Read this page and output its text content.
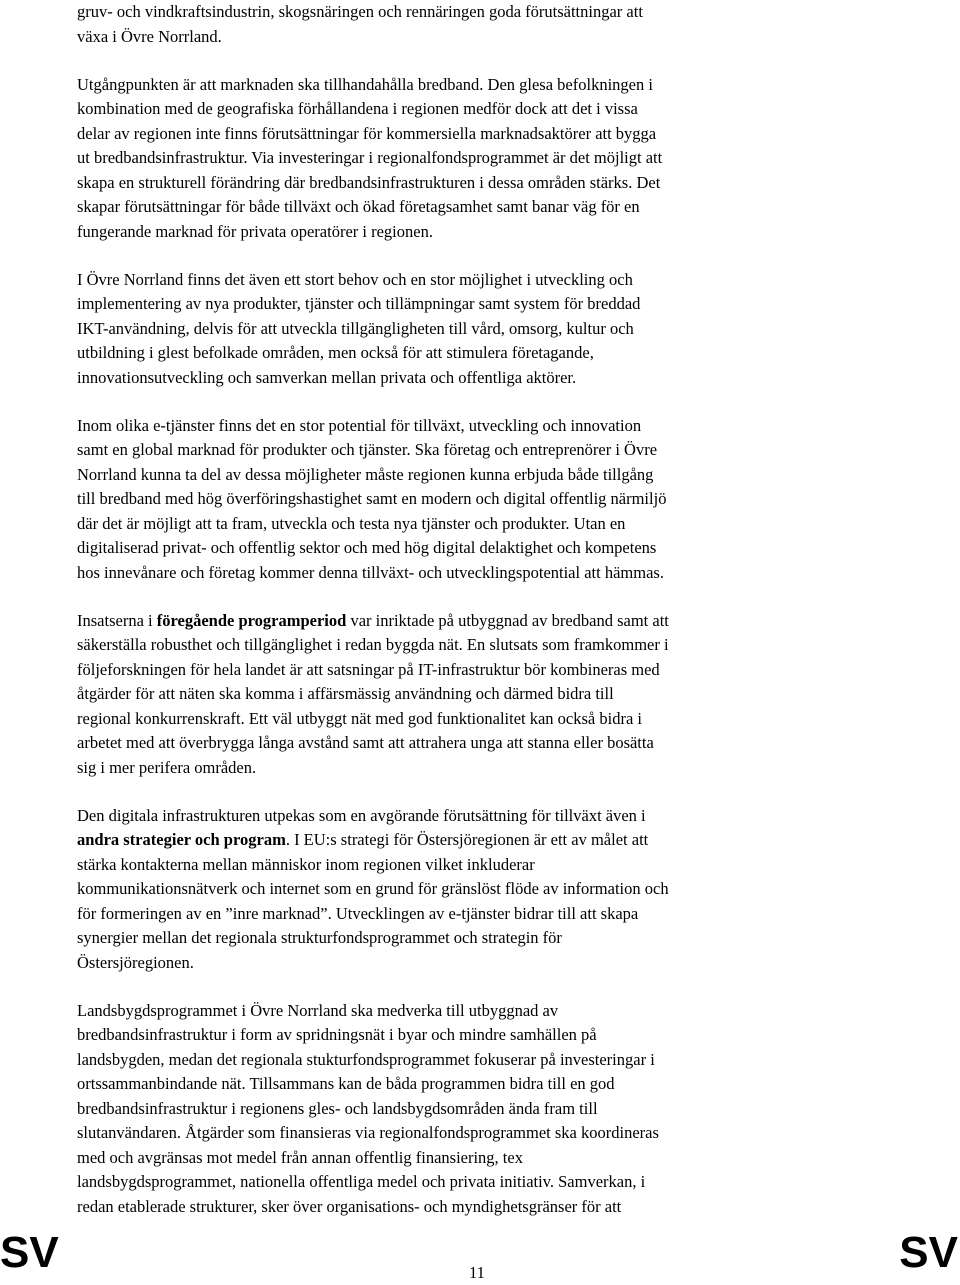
gruv- och vindkraftsindustrin, skogsnäringen och rennäringen goda förutsättningar att
växa i Övre Norrland.

Utgångpunkten är att marknaden ska tillhandahålla bredband. Den glesa befolkningen i
kombination med de geografiska förhållandena i regionen medför dock att det i vissa
delar av regionen inte finns förutsättningar för kommersiella marknadsaktörer att bygga
ut bredbandsinfrastruktur. Via investeringar i regionalfondsprogrammet är det möjligt att
skapa en strukturell förändring där bredbandsinfrastrukturen i dessa områden stärks. Det
skapar förutsättningar för både tillväxt och ökad företagsamhet samt banar väg för en
fungerande marknad för privata operatörer i regionen.

I Övre Norrland finns det även ett stort behov och en stor möjlighet i utveckling och
implementering av nya produkter, tjänster och tillämpningar samt system för breddad
IKT-användning, delvis för att utveckla tillgängligheten till vård, omsorg, kultur och
utbildning i glest befolkade områden, men också för att stimulera företagande,
innovationsutveckling och samverkan mellan privata och offentliga aktörer.

Inom olika e-tjänster finns det en stor potential för tillväxt, utveckling och innovation
samt en global marknad för produkter och tjänster. Ska företag och entreprenörer i Övre
Norrland kunna ta del av dessa möjligheter måste regionen kunna erbjuda både tillgång
till bredband med hög överföringshastighet samt en modern och digital offentlig närmiljö
där det är möjligt att ta fram, utveckla och testa nya tjänster och produkter. Utan en
digitaliserad privat- och offentlig sektor och med hög digital delaktighet och kompetens
hos innevånare och företag kommer denna tillväxt- och utvecklingspotential att hämmas.

Insatserna i föregående programperiod var inriktade på utbyggnad av bredband samt att
säkerställa robusthet och tillgänglighet i redan byggda nät. En slutsats som framkommer i
följeforskningen för hela landet är att satsningar på IT-infrastruktur bör kombineras med
åtgärder för att näten ska komma i affärsmässig användning och därmed bidra till
regional konkurrenskraft. Ett väl utbyggt nät med god funktionalitet kan också bidra i
arbetet med att överbrygga långa avstånd samt att attrahera unga att stanna eller bosätta
sig i mer perifera områden.

Den digitala infrastrukturen utpekas som en avgörande förutsättning för tillväxt även i
andra strategier och program. I EU:s strategi för Östersjöregionen är ett av målet att
stärka kontakterna mellan människor inom regionen vilket inkluderar
kommunikationsnätverk och internet som en grund för gränslöst flöde av information och
för formeringen av en ”inre marknad”. Utvecklingen av e-tjänster bidrar till att skapa
synergier mellan det regionala strukturfondsprogrammet och strategin för
Östersjöregionen.

Landsbygdsprogrammet i Övre Norrland ska medverka till utbyggnad av
bredbandsinfrastruktur i form av spridningsnät i byar och mindre samhällen på
landsbygden, medan det regionala stukturfondsprogrammet fokuserar på investeringar i
ortssammanbindande nät. Tillsammans kan de båda programmen bidra till en god
bredbandsinfrastruktur i regionens gles- och landsbygdsområden ända fram till
slutanvändaren. Åtgärder som finansieras via regionalfondsprogrammet ska koordineras
med och avgränsas mot medel från annan offentlig finansiering, tex
landsbygdsprogrammet, nationella offentliga medel och privata initiativ. Samverkan, i
redan etablerade strukturer, sker över organisations- och myndighetsgränser för att

SV	11	SV
